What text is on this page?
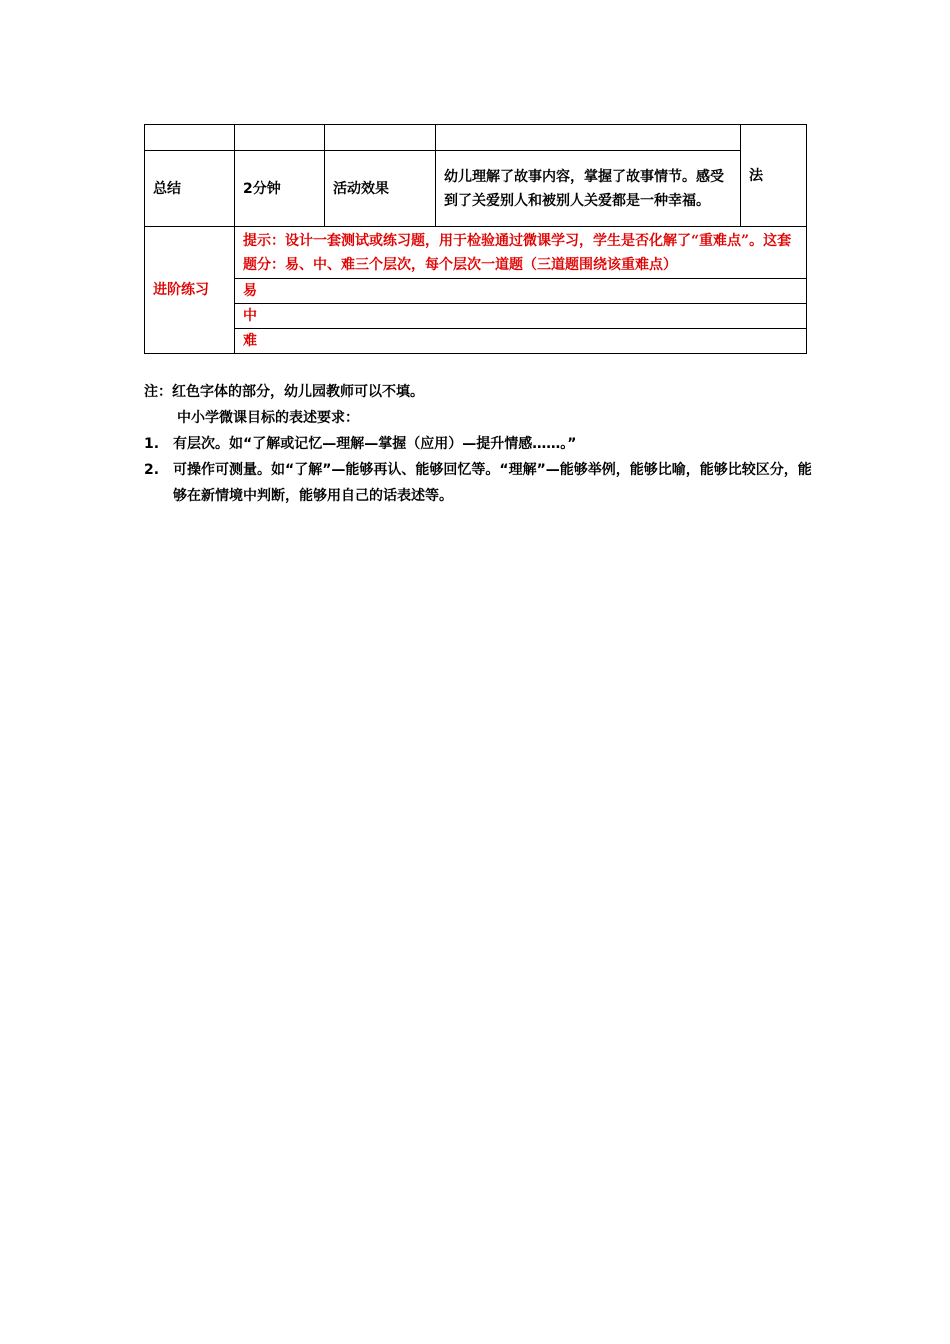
				法
总结	2分钟	活动效果	幼儿理解了故事内容，掌握了故事情节。感受到了关爱别人和被别人关爱都是一种幸福。	
进阶练习	提示：设计一套测试或练习题，用于检验通过微课学习，学生是否化解了“重难点”。这套题分：易、中、难三个层次，每个层次一道题（三道题围绕该重难点）			
	易			
	中			
	难			
注：红色字体的部分，幼儿园教师可以不填。
中小学微课目标的表述要求：
1. 有层次。如“了解或记忆—理解—掌握（应用）—提升情感……。”
2. 可操作可测量。如“了解”—能够再认、能够回忆等。“理解”—能够举例，能够比喻，能够比较区分，能够在新情境中判断，能够用自己的话表述等。
